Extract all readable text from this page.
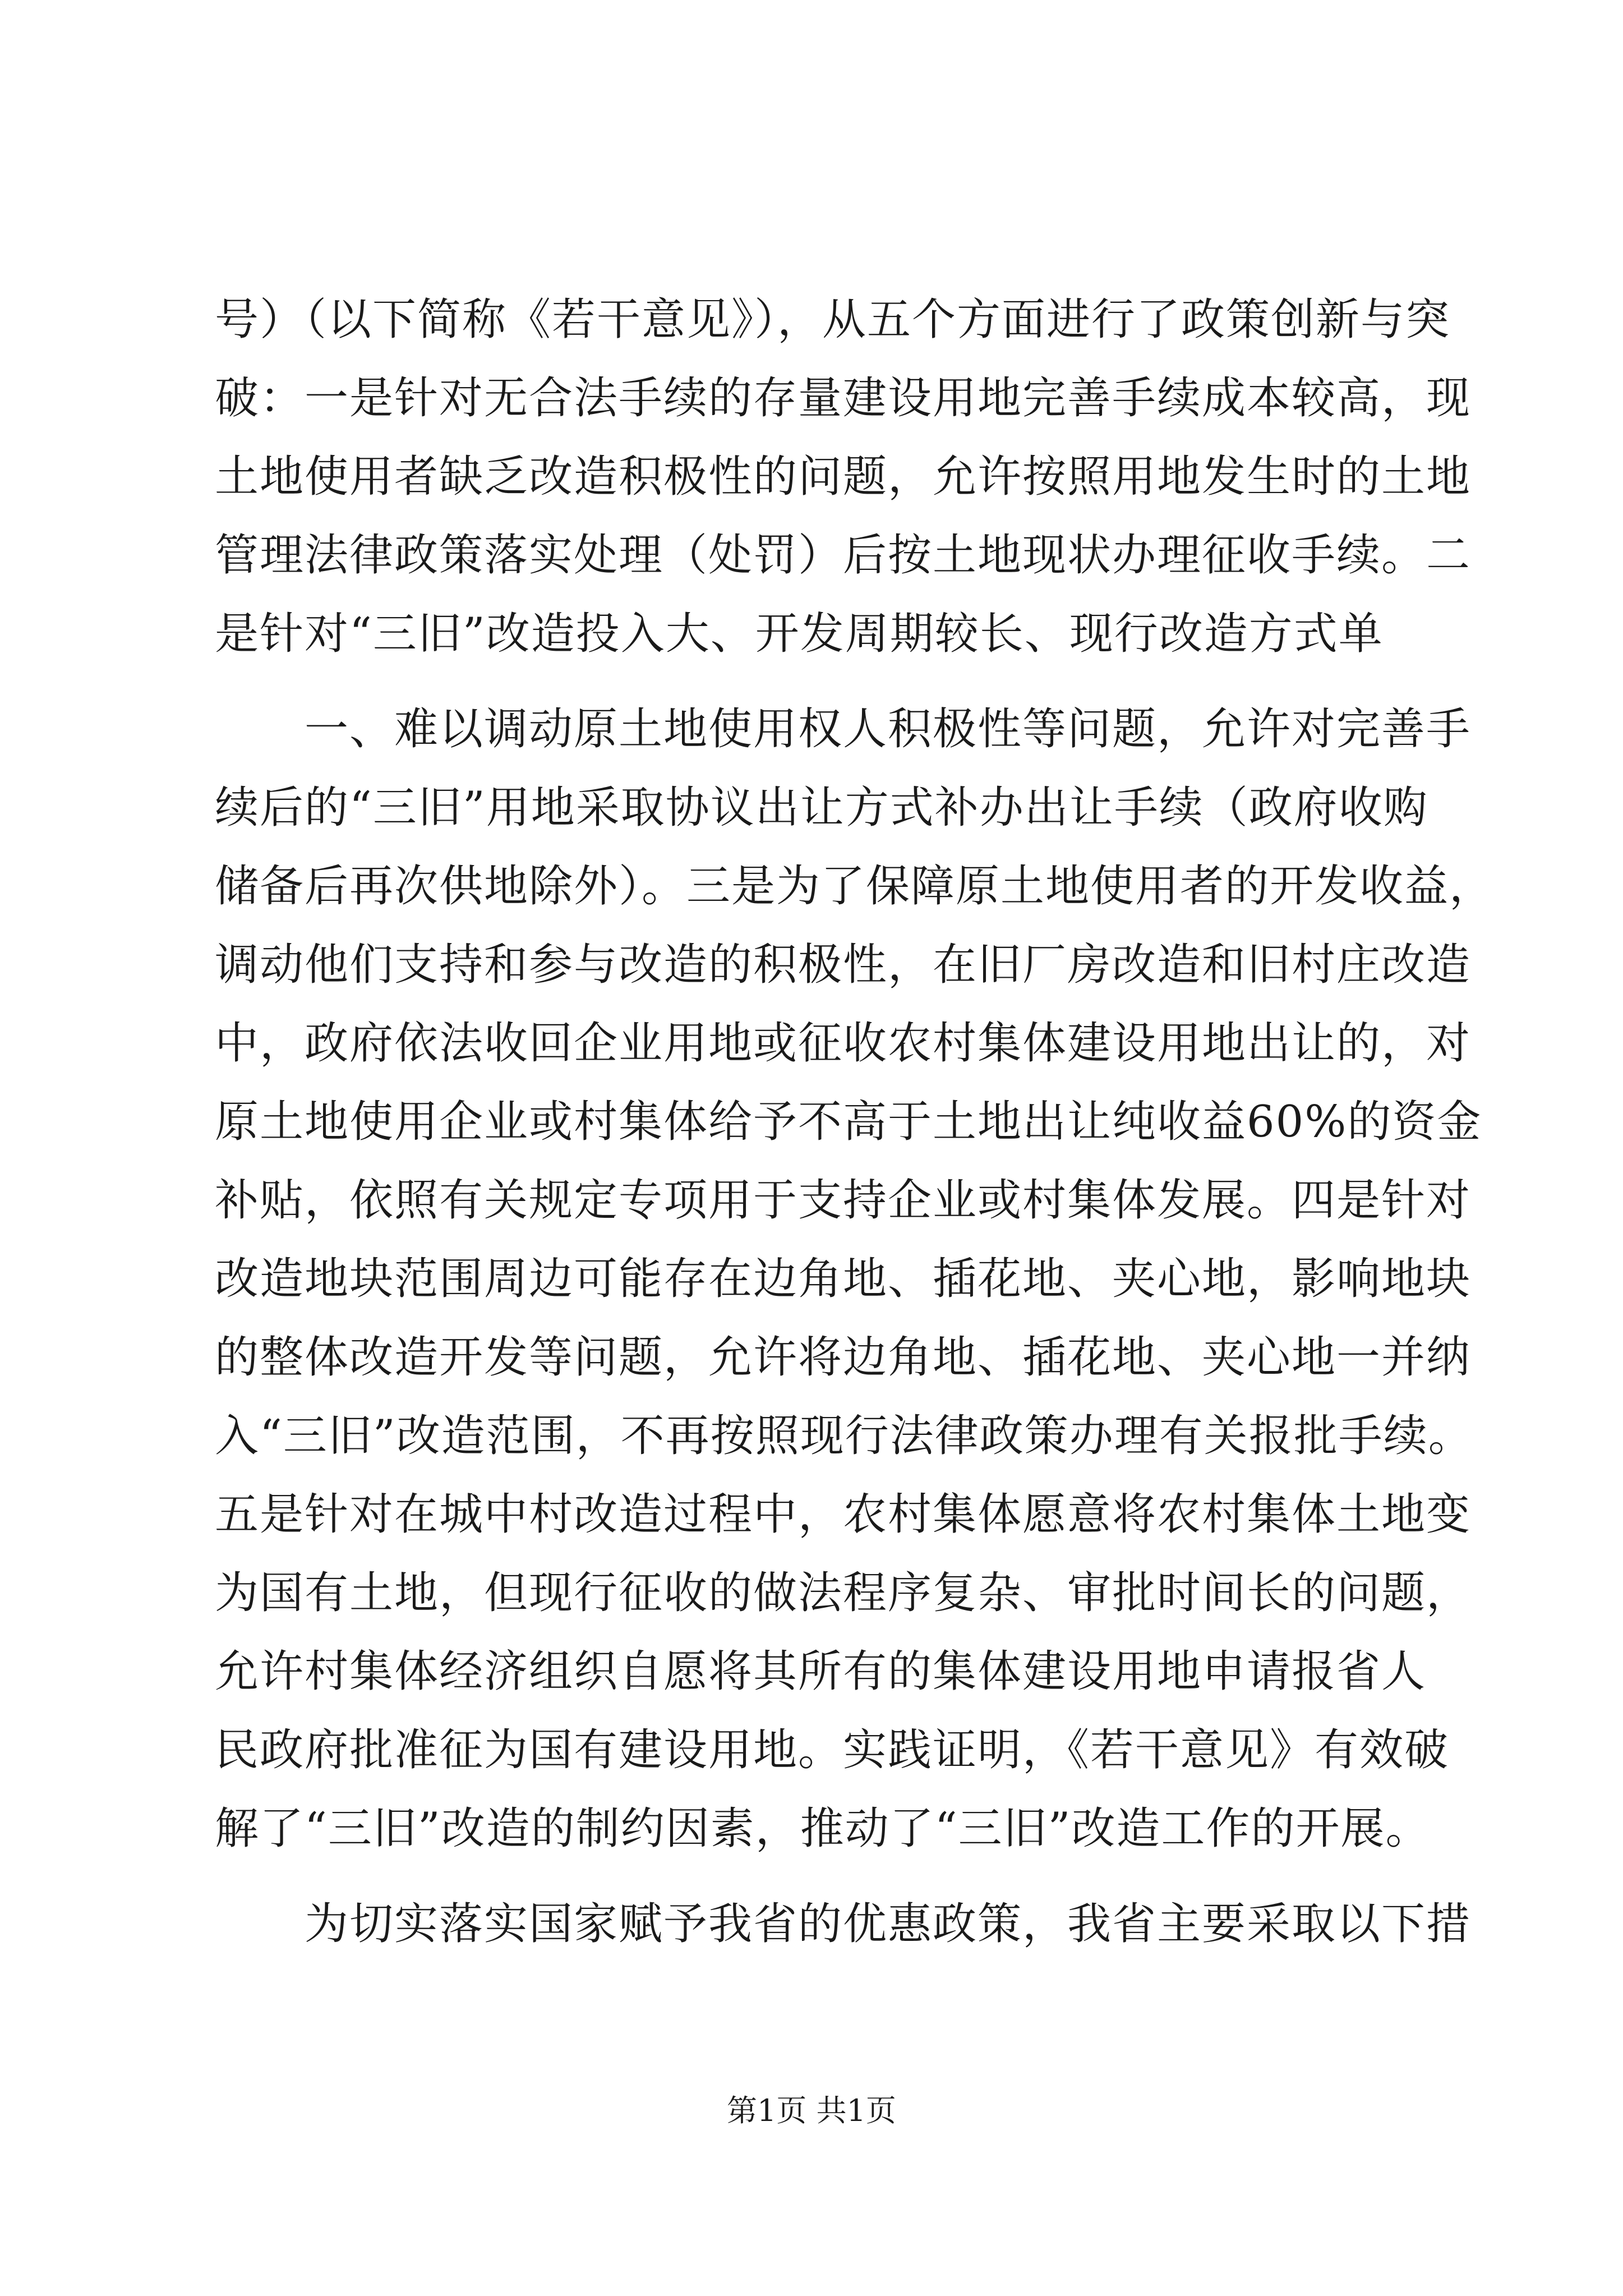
号）（以下简称《若干意见》），从五个方面进行了政策创新与突
破：一是针对无合法手续的存量建设用地完善手续成本较高，现
土地使用者缺乏改造积极性的问题，允许按照用地发生时的土地
管理法律政策落实处理（处罚）后按土地现状办理征收手续。二
是针对“三旧”改造投入大、开发周期较长、现行改造方式单
　　一、难以调动原土地使用权人积极性等问题，允许对完善手
续后的“三旧”用地采取协议出让方式补办出让手续（政府收购
储备后再次供地除外）。三是为了保障原土地使用者的开发收益，
调动他们支持和参与改造的积极性，在旧厂房改造和旧村庄改造
中，政府依法收回企业用地或征收农村集体建设用地出让的，对
原土地使用企业或村集体给予不高于土地出让纯收益60%的资金
补贴，依照有关规定专项用于支持企业或村集体发展。四是针对
改造地块范围周边可能存在边角地、插花地、夹心地，影响地块
的整体改造开发等问题，允许将边角地、插花地、夹心地一并纳
入“三旧”改造范围，不再按照现行法律政策办理有关报批手续。
五是针对在城中村改造过程中，农村集体愿意将农村集体土地变
为国有土地，但现行征收的做法程序复杂、审批时间长的问题，
允许村集体经济组织自愿将其所有的集体建设用地申请报省人
民政府批准征为国有建设用地。实践证明，《若干意见》有效破
解了“三旧”改造的制约因素，推动了“三旧”改造工作的开展。
　　为切实落实国家赋予我省的优惠政策，我省主要采取以下措
第1页 共1页
